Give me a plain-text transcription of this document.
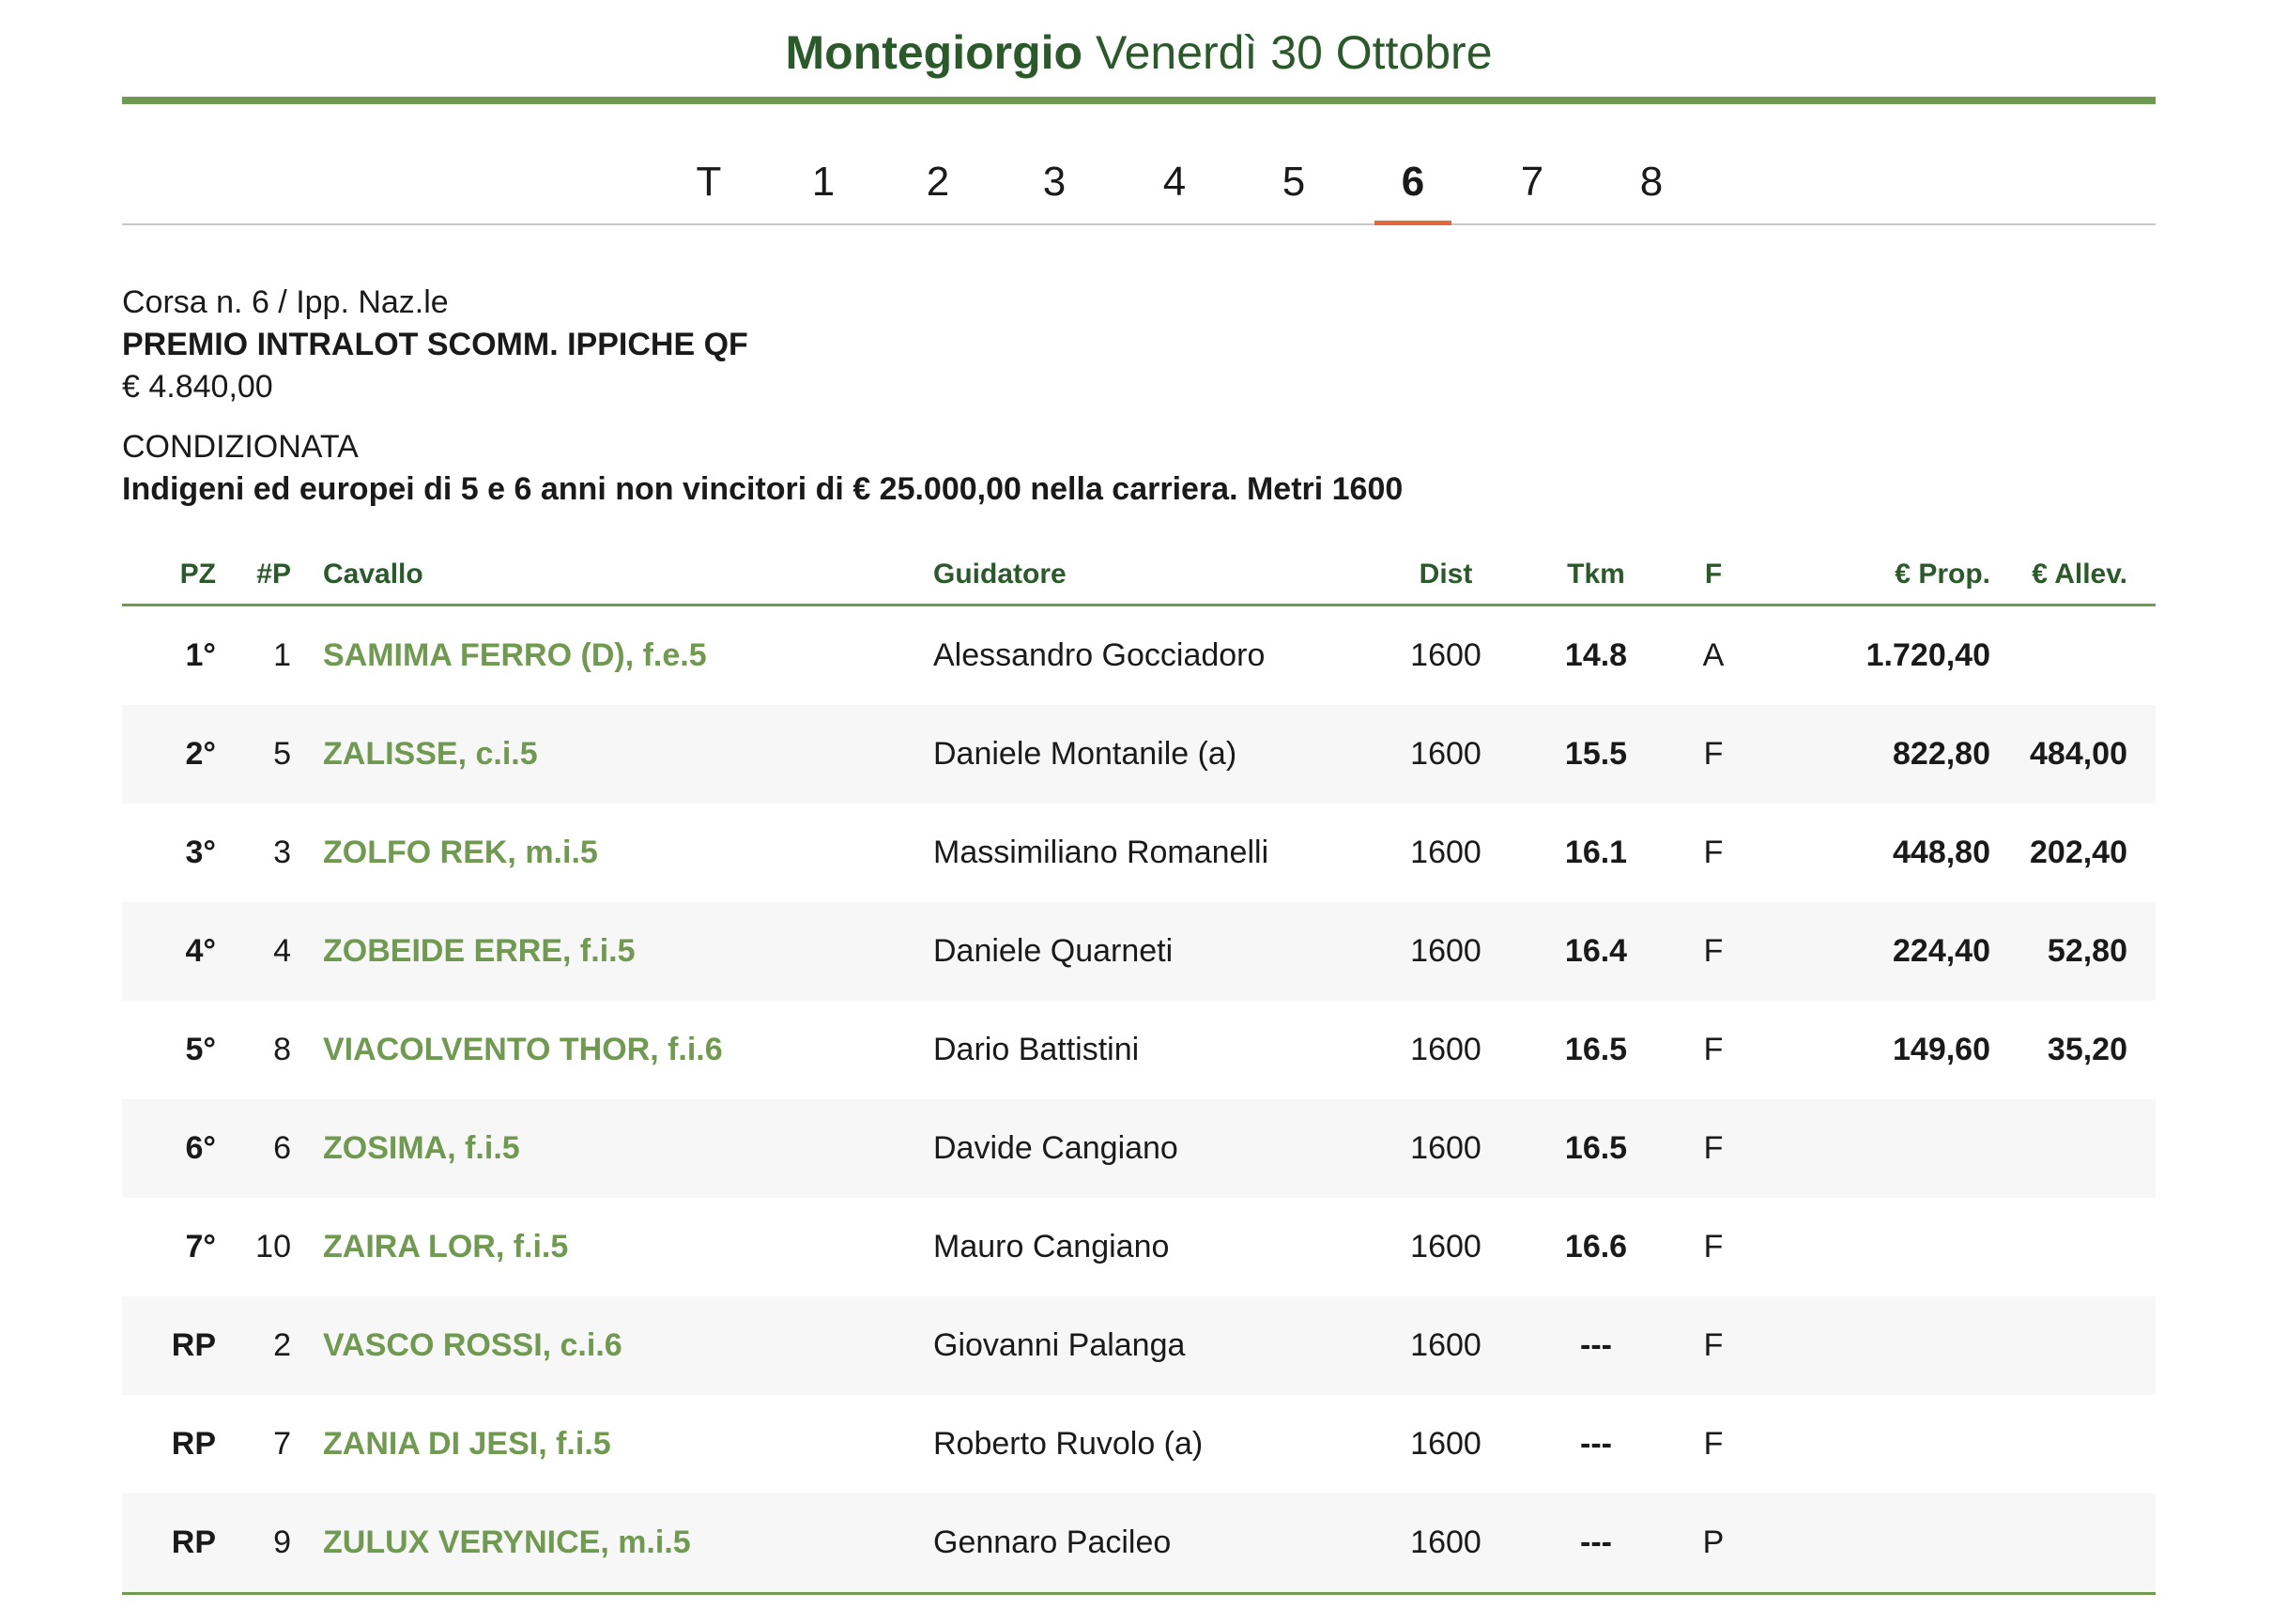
Montegiorgio Venerdì 30 Ottobre
T	1	2	3	4	5	6	7	8
Corsa n. 6 / Ipp. Naz.le
PREMIO INTRALOT SCOMM. IPPICHE QF
€ 4.840,00
CONDIZIONATA
Indigeni ed europei di 5 e 6 anni non vincitori di € 25.000,00 nella carriera. Metri 1600
PZ	#P Cavallo	Guidatore	Dist	Tkm	F	€ Prop.	€ Allev.
1°	1 SAMIMA FERRO (D), f.e.5	Alessandro Gocciadoro	1600	14.8	A	1.720,40
2°	5 ZALISSE, c.i.5	Daniele Montanile (a)	1600	15.5	F	822,80	484,00
3°	3 ZOLFO REK, m.i.5	Massimiliano Romanelli	1600	16.1	F	448,80	202,40
4°	4 ZOBEIDE ERRE, f.i.5	Daniele Quarneti	1600	16.4	F	224,40	52,80
5°	8 VIACOLVENTO THOR, f.i.6	Dario Battistini	1600	16.5	F	149,60	35,20
6°	6 ZOSIMA, f.i.5	Davide Cangiano	1600	16.5	F
7°	10 ZAIRA LOR, f.i.5	Mauro Cangiano	1600	16.6	F
RP	2 VASCO ROSSI, c.i.6	Giovanni Palanga	1600	---	F
RP	7 ZANIA DI JESI, f.i.5	Roberto Ruvolo (a)	1600	---	F
RP	9 ZULUX VERYNICE, m.i.5	Gennaro Pacileo	1600	---	P
